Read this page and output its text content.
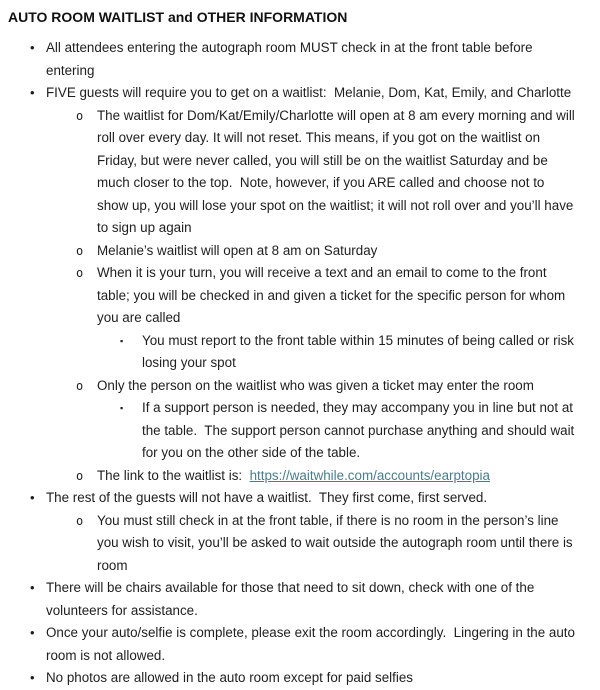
AUTO ROOM WAITLIST and OTHER INFORMATION
• All attendees entering the autograph room MUST check in at the front table before entering
• FIVE guests will require you to get on a waitlist:  Melanie, Dom, Kat, Emily, and Charlotte
o The waitlist for Dom/Kat/Emily/Charlotte will open at 8 am every morning and will roll over every day. It will not reset. This means, if you got on the waitlist on Friday, but were never called, you will still be on the waitlist Saturday and be much closer to the top.  Note, however, if you ARE called and choose not to show up, you will lose your spot on the waitlist; it will not roll over and you’ll have to sign up again
o Melanie’s waitlist will open at 8 am on Saturday
o When it is your turn, you will receive a text and an email to come to the front table; you will be checked in and given a ticket for the specific person for whom you are called
▪ You must report to the front table within 15 minutes of being called or risk losing your spot
o Only the person on the waitlist who was given a ticket may enter the room
▪ If a support person is needed, they may accompany you in line but not at the table.  The support person cannot purchase anything and should wait for you on the other side of the table.
o The link to the waitlist is:  https://waitwhile.com/accounts/earptopia
• The rest of the guests will not have a waitlist.  They first come, first served.
o You must still check in at the front table, if there is no room in the person’s line you wish to visit, you’ll be asked to wait outside the autograph room until there is room
• There will be chairs available for those that need to sit down, check with one of the volunteers for assistance.
• Once your auto/selfie is complete, please exit the room accordingly.  Lingering in the auto room is not allowed.
• No photos are allowed in the auto room except for paid selfies
